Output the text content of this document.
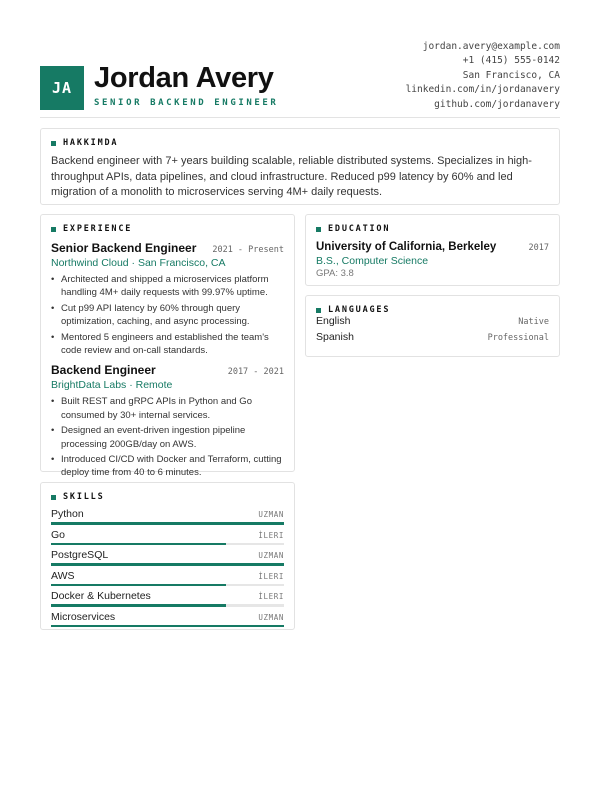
JA Jordan Avery
SENIOR BACKEND ENGINEER
jordan.avery@example.com
+1 (415) 555-0142
San Francisco, CA
linkedin.com/in/jordanavery
github.com/jordanavery
HAKKIMDA
Backend engineer with 7+ years building scalable, reliable distributed systems. Specializes in high-throughput APIs, data pipelines, and cloud infrastructure. Reduced p99 latency by 60% and led migration of a monolith to microservices serving 4M+ daily requests.
EXPERIENCE
Senior Backend Engineer 2021 - Present
Northwind Cloud · San Francisco, CA
• Architected and shipped a microservices platform handling 4M+ daily requests with 99.97% uptime.
• Cut p99 API latency by 60% through query optimization, caching, and async processing.
• Mentored 5 engineers and established the team's code review and on-call standards.
Backend Engineer	2017 - 2021
BrightData Labs · Remote
• Built REST and gRPC APIs in Python and Go consumed by 30+ internal services.
• Designed an event-driven ingestion pipeline processing 200GB/day on AWS.
• Introduced CI/CD with Docker and Terraform, cutting deploy time from 40 to 6 minutes.
EDUCATION
University of California, Berkeley	2017
B.S., Computer Science
GPA: 3.8
LANGUAGES
English	Native
Spanish	Professional
SKILLS
Python	UZMAN
Go	İLERI
PostgreSQL	UZMAN
AWS	İLERI
Docker & Kubernetes	İLERI
Microservices	UZMAN
